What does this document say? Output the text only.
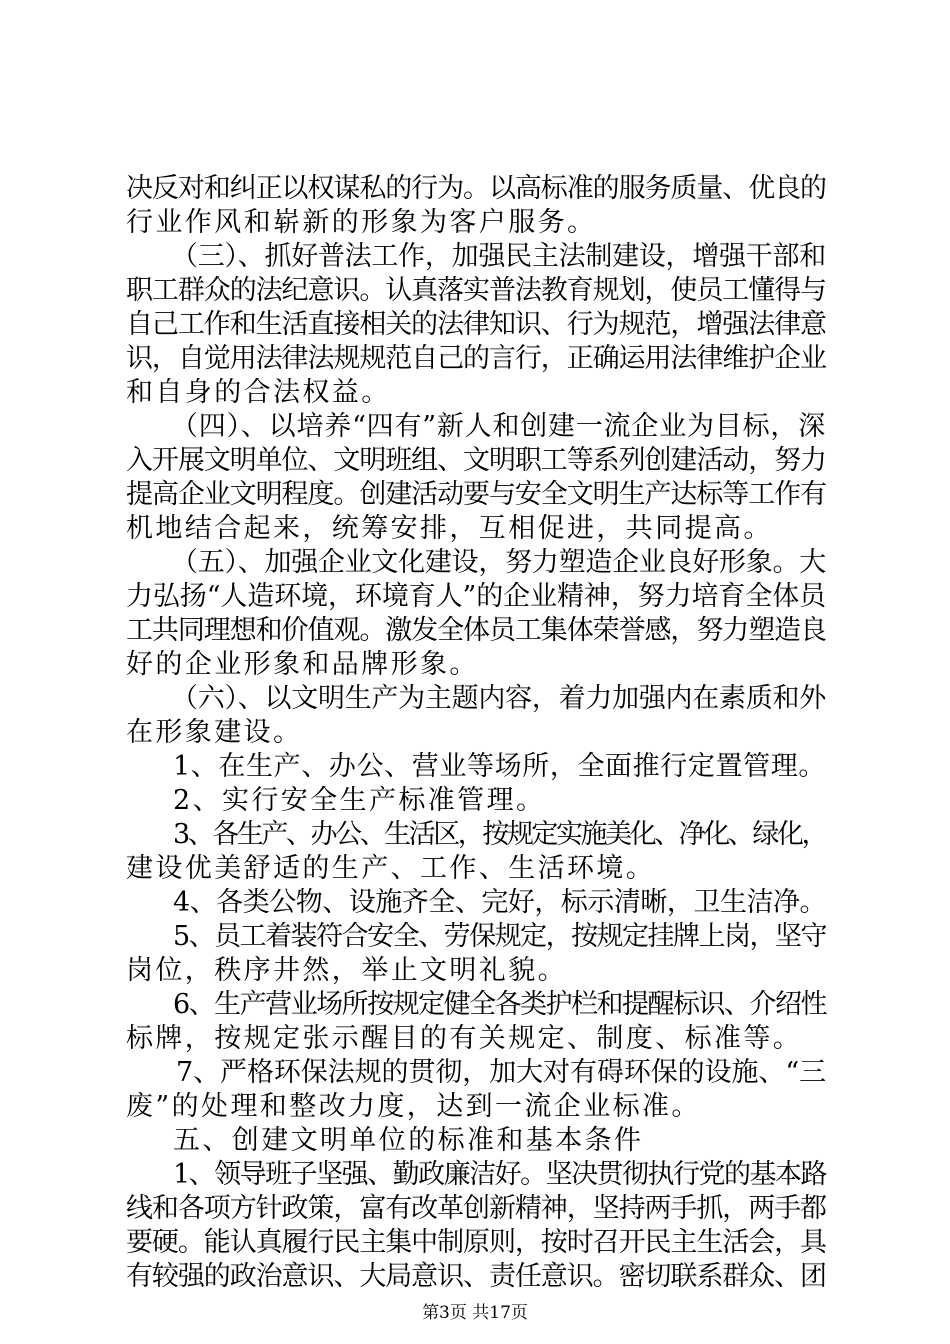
决反对和纠正以权谋私的行为。以高标准的服务质量、优良的
行业作风和崭新的形象为客户服务。
（三）、抓好普法工作，加强民主法制建设，增强干部和
职工群众的法纪意识。认真落实普法教育规划，使员工懂得与
自己工作和生活直接相关的法律知识、行为规范，增强法律意
识，自觉用法律法规规范自己的言行，正确运用法律维护企业
和自身的合法权益。
（四）、以培养“四有”新人和创建一流企业为目标，深
入开展文明单位、文明班组、文明职工等系列创建活动，努力
提高企业文明程度。创建活动要与安全文明生产达标等工作有
机地结合起来，统筹安排，互相促进，共同提高。
（五）、加强企业文化建设，努力塑造企业良好形象。大
力弘扬“人造环境，环境育人”的企业精神，努力培育全体员
工共同理想和价值观。激发全体员工集体荣誉感，努力塑造良
好的企业形象和品牌形象。
（六）、以文明生产为主题内容，着力加强内在素质和外
在形象建设。
1、在生产、办公、营业等场所，全面推行定置管理。
2、实行安全生产标准管理。
3、各生产、办公、生活区，按规定实施美化、净化、绿化，
建设优美舒适的生产、工作、生活环境。
4、各类公物、设施齐全、完好，标示清晰，卫生洁净。
5、员工着装符合安全、劳保规定，按规定挂牌上岗，坚守
岗位，秩序井然，举止文明礼貌。
6、生产营业场所按规定健全各类护栏和提醒标识、介绍性
标牌，按规定张示醒目的有关规定、制度、标准等。
7、严格环保法规的贯彻，加大对有碍环保的设施、“三
废”的处理和整改力度，达到一流企业标准。
五、创建文明单位的标准和基本条件
1、领导班子坚强、勤政廉洁好。坚决贯彻执行党的基本路
线和各项方针政策，富有改革创新精神，坚持两手抓，两手都
要硬。能认真履行民主集中制原则，按时召开民主生活会，具
有较强的政治意识、大局意识、责任意识。密切联系群众、团
第3页 共17页
